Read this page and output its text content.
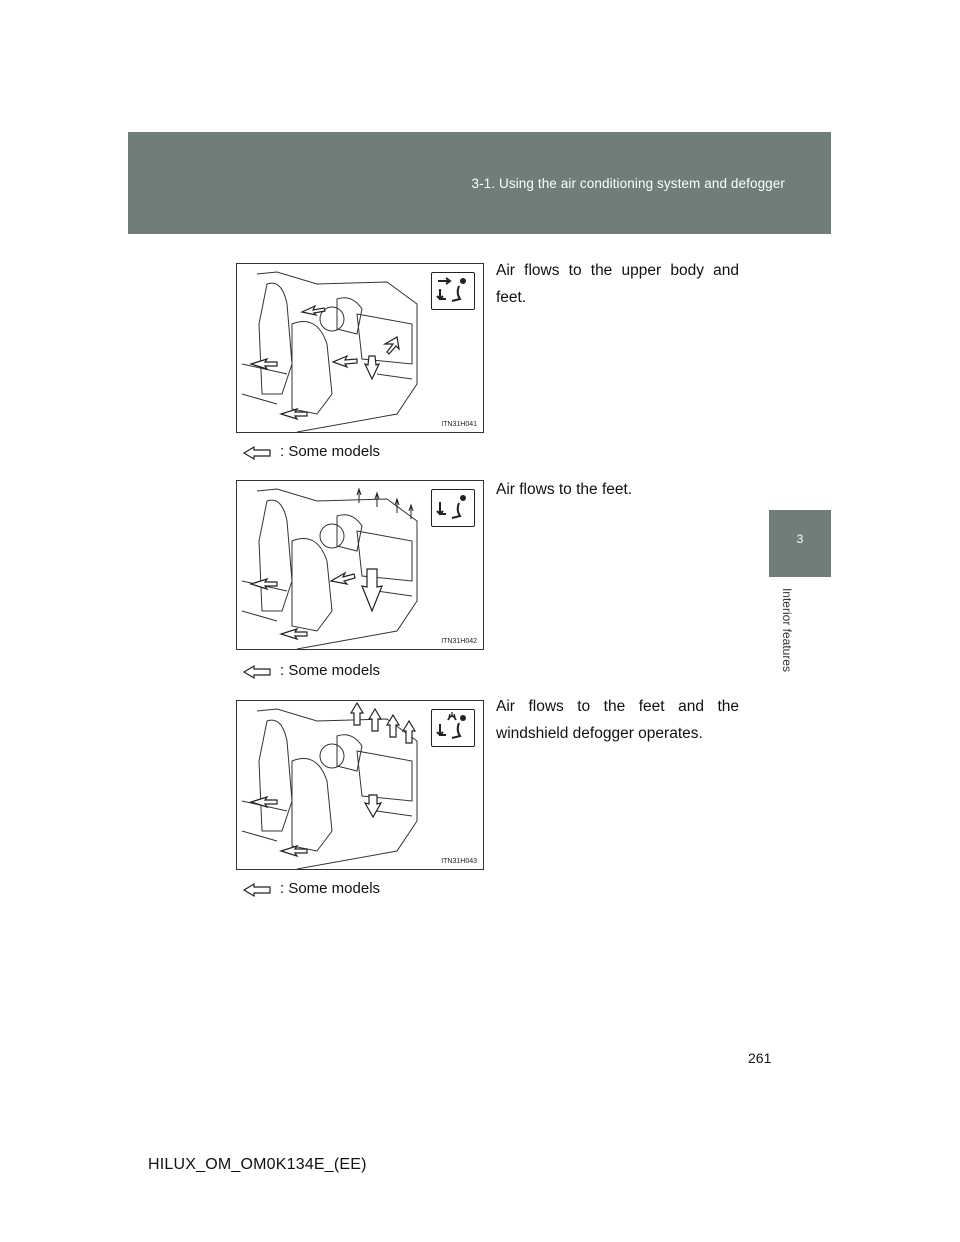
3-1. Using the air conditioning system and defogger
3
Interior features
ITN31H041
Air flows to the upper body and feet.
: Some models
ITN31H042
Air flows to the feet.
: Some models
ITN31H043
Air flows to the feet and the windshield defogger operates.
: Some models
261
HILUX_OM_OM0K134E_(EE)
